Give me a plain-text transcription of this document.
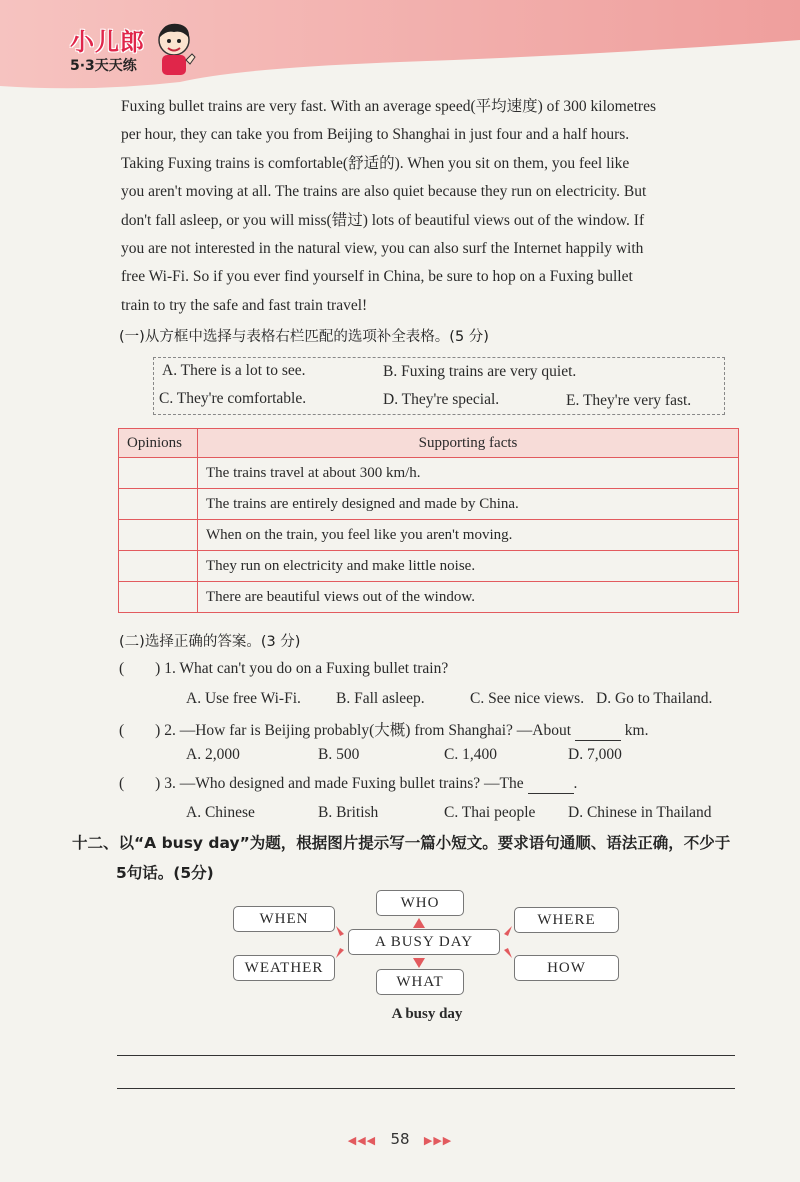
小儿郎
5·3天天练

Fuxing bullet trains are very fast. With an average speed(平均速度) of 300 kilometres

per hour, they can take you from Beijing to Shanghai in just four and a half hours.

Taking Fuxing trains is comfortable(舒适的). When you sit on them, you feel like

you aren't moving at all. The trains are also quiet because they run on electricity. But

don't fall asleep, or you will miss(错过) lots of beautiful views out of the window. If

you are not interested in the natural view, you can also surf the Internet happily with

free Wi-Fi. So if you ever find yourself in China, be sure to hop on a Fuxing bullet

train to try the safe and fast train travel!

(一)从方框中选择与表格右栏匹配的选项补全表格。(5 分)
A. There is a lot to see.	B. Fuxing trains are very quiet.
C. They're comfortable.	D. They're special.	E. They're very fast.
Opinions	Supporting facts
	The trains travel at about 300 km/h.
	The trains are entirely designed and made by China.
	When on the train, you feel like you aren't moving.
	They run on electricity and make little noise.
	There are beautiful views out of the window.
(二)选择正确的答案。(3 分)
(        ) 1. What can't you do on a Fuxing bullet train?
A. Use free Wi-Fi. B. Fall asleep.	C. See nice views. D. Go to Thailand.
(        ) 2. —How far is Beijing probably(大概) from Shanghai? —About	km.
A. 2,000	B. 500	C. 1,400	D. 7,000
(        ) 3. —Who designed and made Fuxing bullet trains? —The	.
A. Chinese	B. British	C. Thai people D. Chinese in Thailand
十二、以“A busy day”为题，根据图片提示写一篇小短文。要求语句通顺、语法正确，不少于
5句话。(5分)
WHO
A BUSY DAY
WHAT
WHEN
WEATHER
WHERE
HOW
A busy day
◀◀◀ 58 ▶▶▶
